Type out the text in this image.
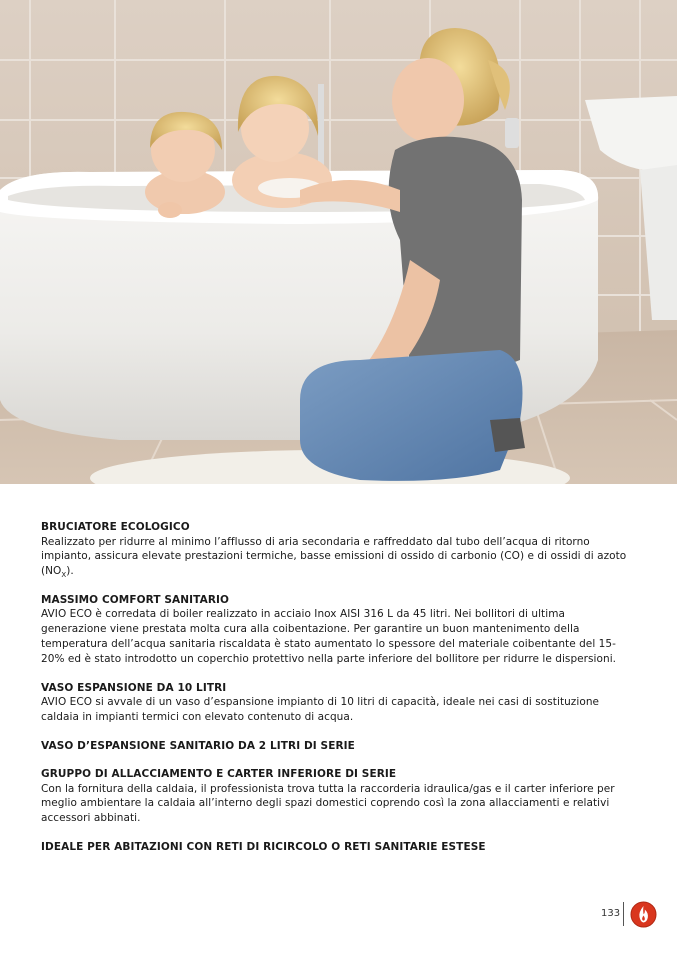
BRUCIATORE ECOLOGICO

Realizzato per ridurre al minimo l’afflusso di aria secondaria e raffreddato dal tubo dell’acqua di ritorno impianto, assicura elevate prestazioni termiche, basse emissioni di ossido di carbonio (CO) e di ossidi di azoto $(NO_X)$.

MASSIMO COMFORT SANITARIO

AVIO ECO è corredata di boiler realizzato in acciaio Inox AISI 316 L da 45 litri. Nei bollitori di ultima generazione viene prestata molta cura alla coibentazione. Per garantire un buon mantenimento della temperatura dell’acqua sanitaria riscaldata è stato aumentato lo spessore del materiale coibentante del 15-20% ed è stato introdotto un coperchio protettivo nella parte inferiore del bollitore per ridurre le dispersioni.

VASO ESPANSIONE DA 10 LITRI

AVIO ECO si avvale di un vaso d’espansione impianto di 10 litri di capacità, ideale nei casi di sostituzione caldaia in impianti termici con elevato contenuto di acqua.

VASO D’ESPANSIONE SANITARIO DA 2 LITRI DI SERIE
GRUPPO DI ALLACCIAMENTO E CARTER INFERIORE DI SERIE

Con la fornitura della caldaia, il professionista trova tutta la raccorderia idraulica/gas e il carter inferiore per meglio ambientare la caldaia all’interno degli spazi domestici coprendo così la zona allacciamenti e relativi accessori abbinati.

IDEALE PER ABITAZIONI CON RETI DI RICIRCOLO O RETI SANITARIE ESTESE
133
